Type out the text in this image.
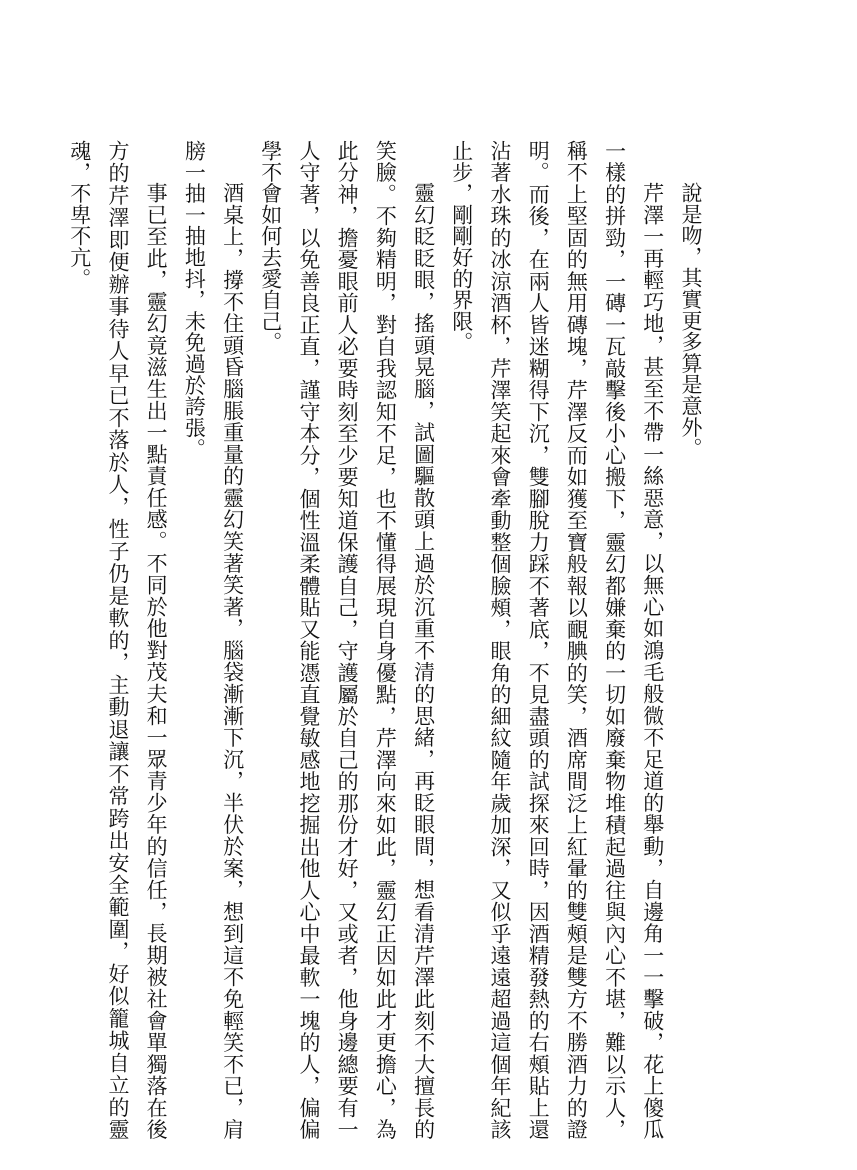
說是吻，其實更多算是意外。

芹澤一再輕巧地，甚至不帶一絲惡意，以無心如鴻毛般微不足道的舉動，自邊角一一擊破，花上傻瓜一樣的拼勁，一磚一瓦敲擊後小心搬下，靈幻都嫌棄的一切如廢棄物堆積起過往與內心不堪，難以示人，稱不上堅固的無用磚塊，芹澤反而如獲至寶般報以靦腆的笑，酒席間泛上紅暈的雙頰是雙方不勝酒力的證明。而後，在兩人皆迷糊得下沉，雙腳脫力踩不著底，不見盡頭的試探來回時，因酒精發熱的右頰貼上還沾著水珠的冰涼酒杯，芹澤笑起來會牽動整個臉頰，眼角的細紋隨年歲加深，又似乎遠遠超過這個年紀該止步，剛剛好的界限。

靈幻眨眨眼，搖頭晃腦，試圖驅散頭上過於沉重不清的思緒，再眨眼間，想看清芹澤此刻不大擅長的笑臉。不夠精明，對自我認知不足，也不懂得展現自身優點，芹澤向來如此，靈幻正因如此才更擔心，為此分神，擔憂眼前人必要時刻至少要知道保護自己，守護屬於自己的那份才好，又或者，他身邊總要有一人守著，以免善良正直，謹守本分，個性溫柔體貼又能憑直覺敏感地挖掘出他人心中最軟一塊的人，偏偏學不會如何去愛自己。

酒桌上，撐不住頭昏腦脹重量的靈幻笑著笑著，腦袋漸漸下沉，半伏於案，想到這不免輕笑不已，肩膀一抽一抽地抖，未免過於誇張。

事已至此，靈幻竟滋生出一點責任感。不同於他對茂夫和一眾青少年的信任，長期被社會單獨落在後方的芹澤即便辦事待人早已不落於人，性子仍是軟的，主動退讓不常跨出安全範圍，好似籠城自立的靈魂，不卑不亢。
